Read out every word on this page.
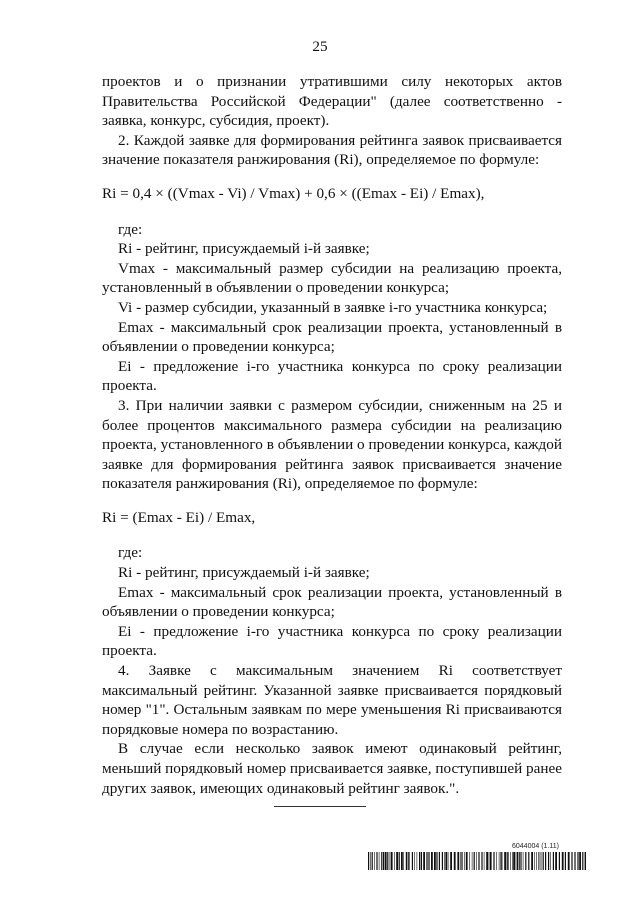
25

проектов и о признании утратившими силу некоторых актов Правительства Российской Федерации" (далее соответственно - заявка, конкурс, субсидия, проект).

2. Каждой заявке для формирования рейтинга заявок присваивается значение показателя ранжирования (Ri), определяемое по формуле:

Ri = 0,4 × ((Vmax - Vi) / Vmax) + 0,6 × ((Emax - Ei) / Emax),

где:

Ri - рейтинг, присуждаемый i-й заявке;

Vmax - максимальный размер субсидии на реализацию проекта, установленный в объявлении о проведении конкурса;

Vi - размер субсидии, указанный в заявке i-го участника конкурса;

Emax - максимальный срок реализации проекта, установленный в объявлении о проведении конкурса;

Ei - предложение i-го участника конкурса по сроку реализации проекта.

3. При наличии заявки с размером субсидии, сниженным на 25 и более процентов максимального размера субсидии на реализацию проекта, установленного в объявлении о проведении конкурса, каждой заявке для формирования рейтинга заявок присваивается значение показателя ранжирования (Ri), определяемое по формуле:

Ri = (Emax - Ei) / Emax,

где:

Ri - рейтинг, присуждаемый i-й заявке;

Emax - максимальный срок реализации проекта, установленный в объявлении о проведении конкурса;

Ei - предложение i-го участника конкурса по сроку реализации проекта.

4. Заявке с максимальным значением Ri соответствует максимальный рейтинг. Указанной заявке присваивается порядковый номер "1". Остальным заявкам по мере уменьшения Ri присваиваются порядковые номера по возрастанию.

В случае если несколько заявок имеют одинаковый рейтинг, меньший порядковый номер присваивается заявке, поступившей ранее других заявок, имеющих одинаковый рейтинг заявок.".

6044004 (1.11)
